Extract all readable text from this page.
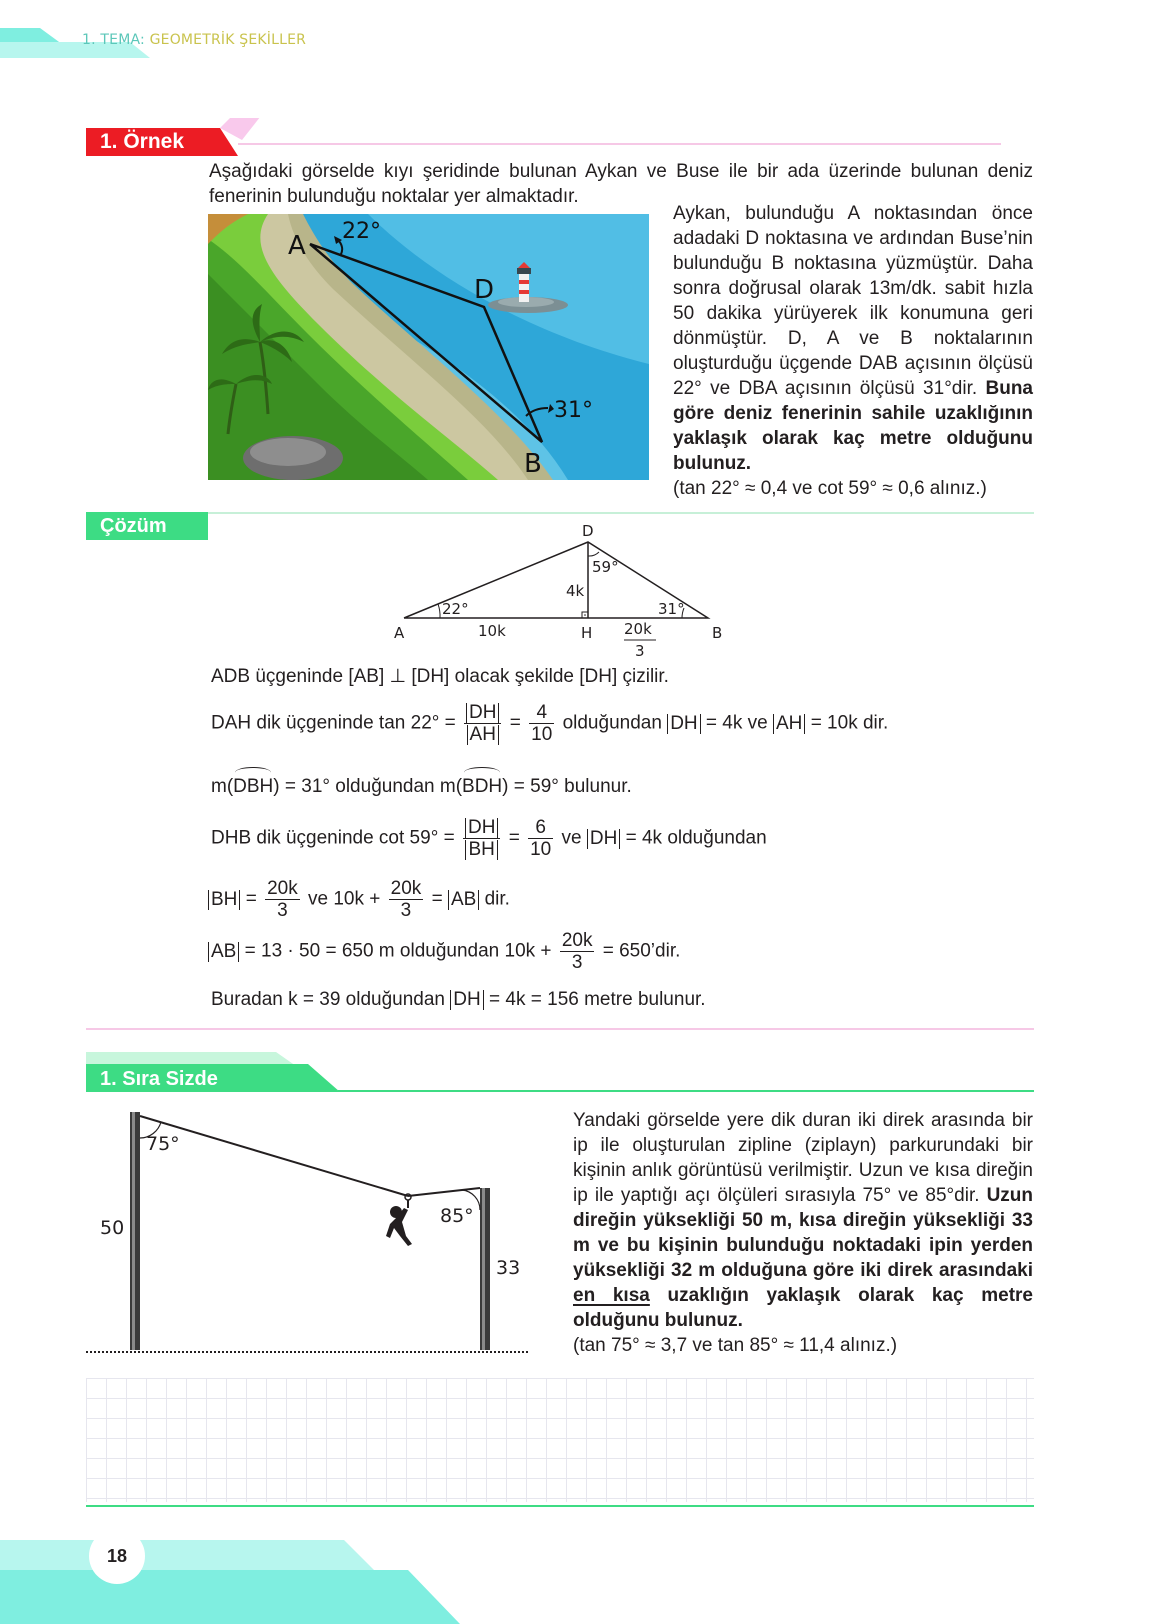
1. TEMA: GEOMETRİK ŞEKİLLER
1. Örnek
Aşağıdaki görselde kıyı şeridinde bulunan Aykan ve Buse ile bir ada üzerinde bulunan deniz fenerinin bulunduğu noktalar yer almaktadır.
A 22°
D
31°
B
Aykan, bulunduğu A noktasından önce adadaki D noktasına ve ardından Buse’nin bulunduğu B noktasına yüzmüştür. Daha sonra doğrusal olarak 13m/dk. sabit hızla 50 dakika yürüyerek ilk konumuna geri dönmüştür. D, A ve B noktalarının oluşturduğu üçgende DAB açısının ölçüsü 22° ve DBA açısının ölçüsü 31°dir. Buna göre deniz fenerinin sahile uzaklığının yaklaşık olarak kaç metre olduğunu bulunuz.
(tan 22° ≈ 0,4 ve cot 59° ≈ 0,6 alınız.)
Çözüm	D
59°
4k
22°	31°
A	10k	H 20k
3
B
ADB üçgeninde [AB] ⊥ [DH] olacak şekilde [DH] çizilir.
DAH dik üçgeninde $\tan 22^\circ = \frac{DH}{AH} = \frac{4}{10}$ olduğundan DH = 4k ve AH = 10k dir.
m(DBH) = 31° olduğundan m(BDH) = 59° bulunur.
DHB dik üçgeninde $\cot 59^\circ = \frac{DH}{BH} = \frac{6}{10}$ ve DH = 4k olduğundan
BH = $\frac{20k}{3}$ ve $10k + \frac{20k}{3}$ = AB dir.
AB = 13 · 50 = 650 m olduğundan $10k + \frac{20k}{3}$ = 650’dir.
Buradan k = 39 olduğundan DH = 4k = 156 metre bulunur.
1. Sıra Sizde
75°
85°
50
33
Yandaki görselde yere dik duran iki direk arasında bir ip ile oluşturulan zipline (ziplayn) parkurundaki bir kişinin anlık görüntüsü verilmiştir. Uzun ve kısa direğin ip ile yaptığı açı ölçüleri sırasıyla 75° ve 85°dir. Uzun direğin yüksekliği 50 m, kısa direğin yüksekliği 33 m ve bu kişinin bulunduğu noktadaki ipin yerden yüksekliği 32 m olduğuna göre iki direk arasındaki en kısa uzaklığın yaklaşık olarak kaç metre olduğunu bulunuz.
(tan 75° ≈ 3,7 ve tan 85° ≈ 11,4 alınız.)
18
